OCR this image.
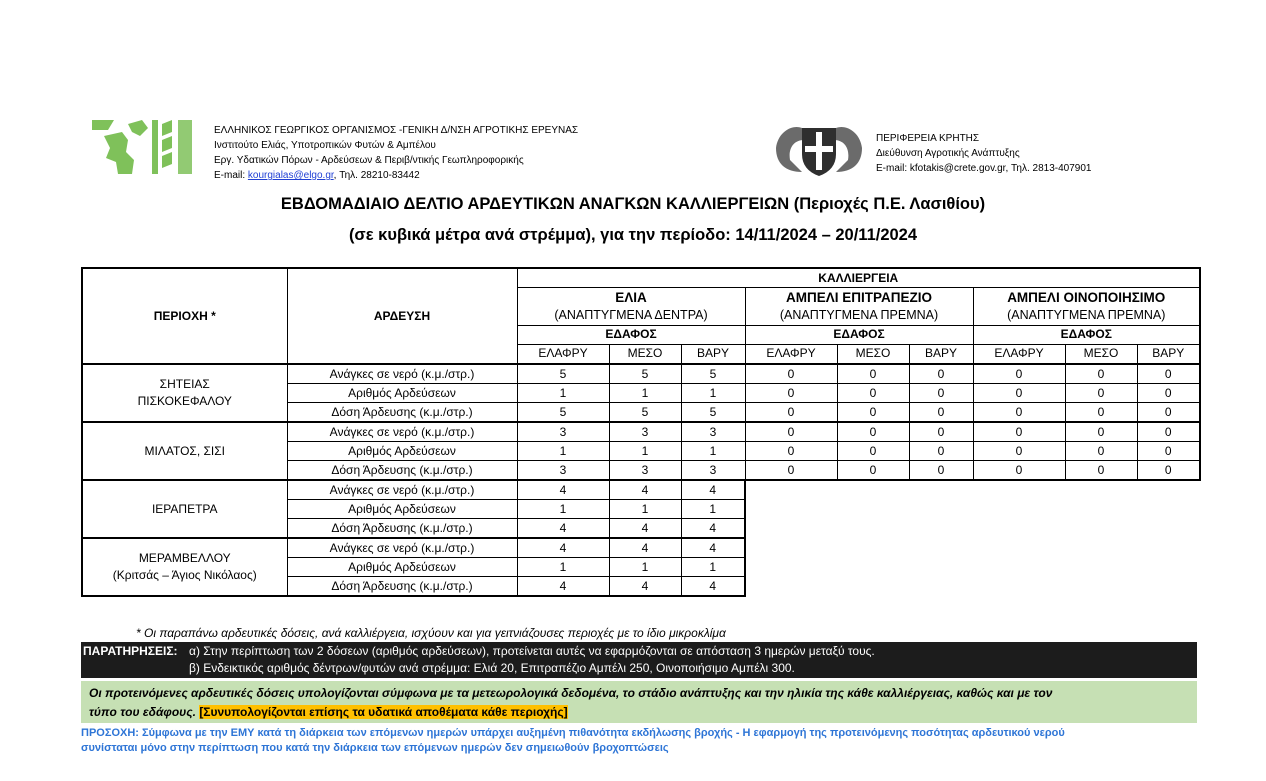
ΕΛΛΗΝΙΚΟΣ ΓΕΩΡΓΙΚΟΣ ΟΡΓΑΝΙΣΜΟΣ -ΓΕΝΙΚΗ Δ/ΝΣΗ ΑΓΡΟΤΙΚΗΣ ΕΡΕΥΝΑΣ
Ινστιτούτο Ελιάς, Υποτροπικών Φυτών & Αμπέλου
Εργ. Υδατικών Πόρων - Αρδεύσεων & Περιβ/ντικής Γεωπληροφορικής
E-mail: kourgialas@elgo.gr, Τηλ. 28210-83442
ΠΕΡΙΦΕΡΕΙΑ ΚΡΗΤΗΣ
Διεύθυνση Αγροτικής Ανάπτυξης
E-mail: kfotakis@crete.gov.gr, Τηλ. 2813-407901
ΕΒΔΟΜΑΔΙΑΙΟ ΔΕΛΤΙΟ ΑΡΔΕΥΤΙΚΩΝ ΑΝΑΓΚΩΝ ΚΑΛΛΙΕΡΓΕΙΩΝ (Περιοχές Π.Ε. Λασιθίου)
(σε κυβικά μέτρα ανά στρέμμα), για την περίοδο: 14/11/2024 – 20/11/2024
ΠΕΡΙΟΧΗ *	ΑΡΔΕΥΣΗ	ΚΑΛΛΙΕΡΓΕΙΑ								
		ΕΛΙΑ			ΑΜΠΕΛΙ ΕΠΙΤΡΑΠΕΖΙΟ			ΑΜΠΕΛΙ ΟΙΝΟΠΟΙΗΣΙΜΟ		
		(ΑΝΑΠΤΥΓΜΕΝΑ ΔΕΝΤΡΑ)			(ΑΝΑΠΤΥΓΜΕΝΑ ΠΡΕΜΝΑ)			(ΑΝΑΠΤΥΓΜΕΝΑ ΠΡΕΜΝΑ)		
		ΕΔΑΦΟΣ			ΕΔΑΦΟΣ			ΕΔΑΦΟΣ		
		ΕΛΑΦΡΥ	ΜΕΣΟ	ΒΑΡΥ	ΕΛΑΦΡΥ	ΜΕΣΟ	ΒΑΡΥ	ΕΛΑΦΡΥ	ΜΕΣΟ	ΒΑΡΥ

ΣΗΤΕΙΑΣ
ΠΙΣΚΟΚΕΦΑΛΟΥ	Ανάγκες σε νερό (κ.μ./στρ.)	5	5	5	0	0	0	0	0	0
	Αριθμός Αρδεύσεων	1	1	1	0	0	0	0	0	0
	Δόση Άρδευσης (κ.μ./στρ.)	5	5	5	0	0	0	0	0	0

ΜΙΛΑΤΟΣ, ΣΙΣΙ	Ανάγκες σε νερό (κ.μ./στρ.)	3	3	3	0	0	0	0	0	0
	Αριθμός Αρδεύσεων	1	1	1	0	0	0	0	0	0
	Δόση Άρδευσης (κ.μ./στρ.)	3	3	3	0	0	0	0	0	0

ΙΕΡΑΠΕΤΡΑ	Ανάγκες σε νερό (κ.μ./στρ.)	4	4	4						
	Αριθμός Αρδεύσεων	1	1	1						
	Δόση Άρδευσης (κ.μ./στρ.)	4	4	4						

ΜΕΡΑΜΒΕΛΛΟΥ
(Κριτσάς – Άγιος Νικόλαος)	Ανάγκες σε νερό (κ.μ./στρ.)	4	4	4						
	Αριθμός Αρδεύσεων	1	1	1						
	Δόση Άρδευσης (κ.μ./στρ.)	4	4	4						
* Οι παραπάνω αρδευτικές δόσεις, ανά καλλιέργεια, ισχύουν και για γειτνιάζουσες περιοχές με το ίδιο μικροκλίμα
ΠΑΡΑΤΗΡΗΣΕΙΣ: α) Στην περίπτωση των 2 δόσεων (αριθμός αρδεύσεων), προτείνεται αυτές να εφαρμόζονται σε απόσταση 3 ημερών μεταξύ τους.
β) Ενδεικτικός αριθμός δέντρων/φυτών ανά στρέμμα: Ελιά 20, Επιτραπέζιο Αμπέλι 250, Οινοποιήσιμο Αμπέλι 300.
Οι προτεινόμενες αρδευτικές δόσεις υπολογίζονται σύμφωνα με τα μετεωρολογικά δεδομένα, το στάδιο ανάπτυξης και την ηλικία της κάθε καλλιέργειας, καθώς και με τον
τύπο του εδάφους. [Συνυπολογίζονται επίσης τα υδατικά αποθέματα κάθε περιοχής]
ΠΡΟΣΟΧΗ: Σύμφωνα με την ΕΜΥ κατά τη διάρκεια των επόμενων ημερών υπάρχει αυξημένη πιθανότητα εκδήλωσης βροχής - Η εφαρμογή της προτεινόμενης ποσότητας αρδευτικού νερού
συνίσταται μόνο στην περίπτωση που κατά την διάρκεια των επόμενων ημερών δεν σημειωθούν βροχοπτώσεις
